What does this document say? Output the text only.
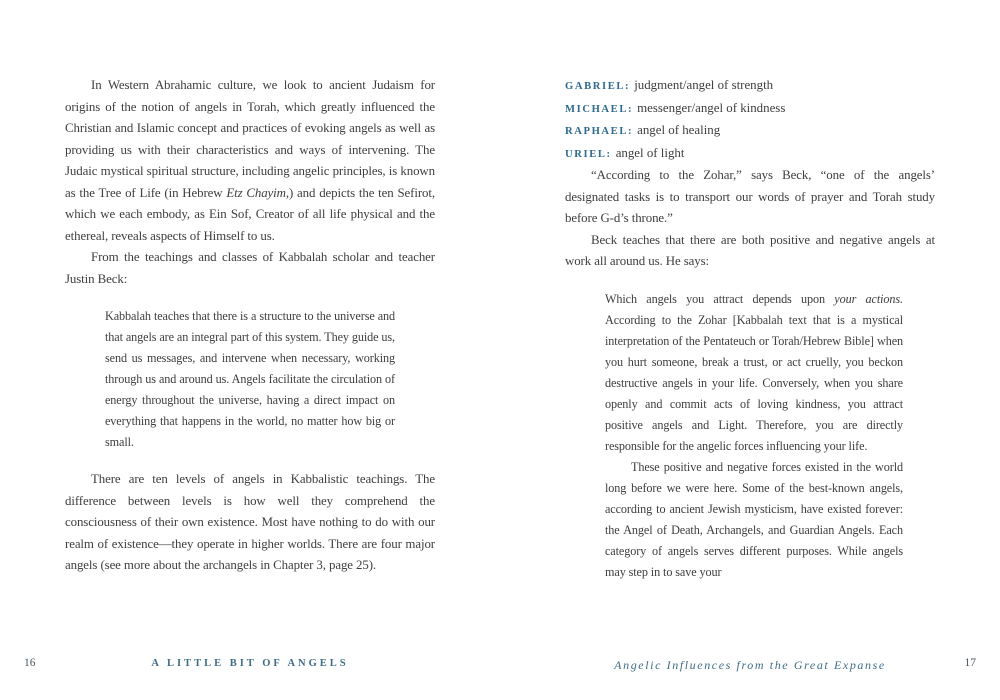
In Western Abrahamic culture, we look to ancient Judaism for origins of the notion of angels in Torah, which greatly influenced the Christian and Islamic concept and practices of evoking angels as well as providing us with their characteristics and ways of intervening. The Judaic mystical spiritual structure, including angelic principles, is known as the Tree of Life (in Hebrew Etz Chayim,) and depicts the ten Sefirot, which we each embody, as Ein Sof, Creator of all life physical and the ethereal, reveals aspects of Himself to us.

From the teachings and classes of Kabbalah scholar and teacher Justin Beck:

Kabbalah teaches that there is a structure to the universe and that angels are an integral part of this system. They guide us, send us messages, and intervene when necessary, working through us and around us. Angels facilitate the circulation of energy throughout the universe, having a direct impact on everything that happens in the world, no matter how big or small.

There are ten levels of angels in Kabbalistic teachings. The difference between levels is how well they comprehend the consciousness of their own existence. Most have nothing to do with our realm of existence—they operate in higher worlds. There are four major angels (see more about the archangels in Chapter 3, page 25).

GABRIEL: judgment/angel of strength
MICHAEL: messenger/angel of kindness
RAPHAEL: angel of healing
URIEL: angel of light

“According to the Zohar,” says Beck, “one of the angels’ designated tasks is to transport our words of prayer and Torah study before G-d’s throne.”

Beck teaches that there are both positive and negative angels at work all around us. He says:

Which angels you attract depends upon your actions. According to the Zohar [Kabbalah text that is a mystical interpretation of the Pentateuch or Torah/Hebrew Bible] when you hurt someone, break a trust, or act cruelly, you beckon destructive angels in your life. Conversely, when you share openly and commit acts of loving kindness, you attract positive angels and Light. Therefore, you are directly responsible for the angelic forces influencing your life.

These positive and negative forces existed in the world long before we were here. Some of the best-known angels, according to ancient Jewish mysticism, have existed forever: the Angel of Death, Archangels, and Guardian Angels. Each category of angels serves different purposes. While angels may step in to save your

16	A LITTLE BIT OF ANGELS	Angelic Influences from the Great Expanse	17
